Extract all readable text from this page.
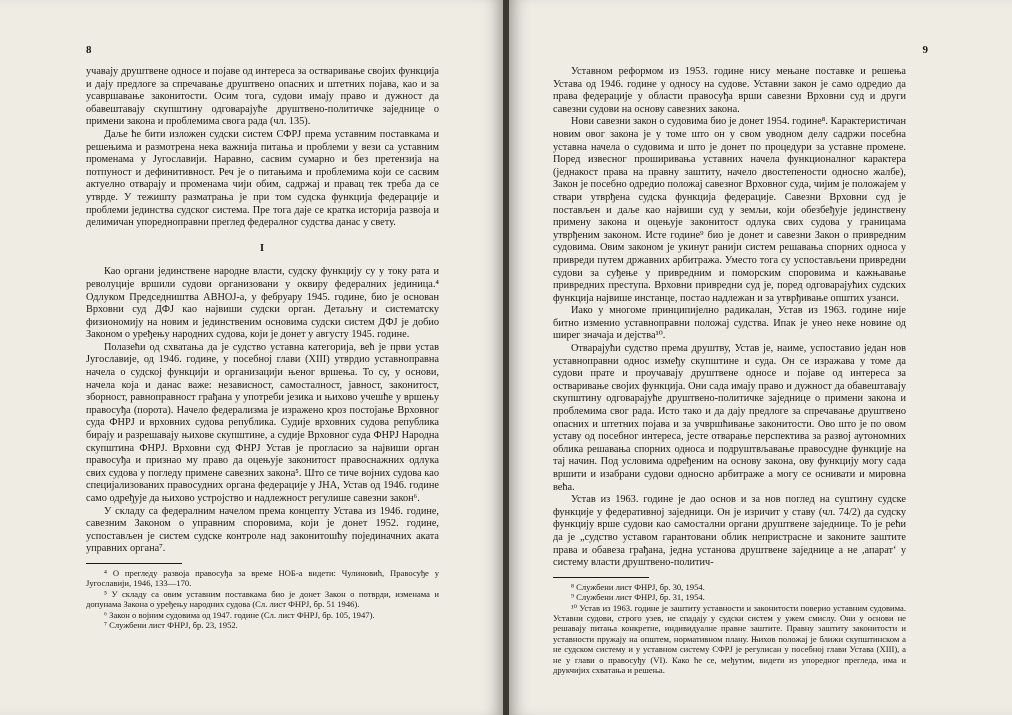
8

учавају друштвене односе и појаве од интереса за остваривање својих функција и дају предлоге за спречавање друштвено опасних и штетних појава, као и за усавршавање законитости. Осим тога, судови имају право и дужност да обавештавају скупштину одговарајуће друштвено-политичке заједнице о примени закона и проблемима свога рада (чл. 135).

Даље ће бити изложен судски систем СФРЈ према уставним поставкама и решењима и размотрена нека важнија питања и проблеми у вези са уставним променама у Југославији. Наравно, сасвим сумарно и без претензија на потпуност и дефинитивност. Реч је о питањима и проблемима који се сасвим актуелно отварају и променама чији обим, садржај и правац тек треба да се утврде. У тежишту разматрања је при том судска функција федерације и проблеми јединства судског система. Пре тога даје се кратка историја развоја и делимичан упоредноправни преглед федералног судства данас у свету.

I

Као органи јединствене народне власти, судску функцију су у току рата и револуције вршили судови организовани у оквиру федералних јединица.⁴ Одлуком Председништва АВНОЈ-а, у фебруару 1945. године, био је основан Врховни суд ДФЈ као највиши судски орган. Детаљну и систематску физиономију на новим и јединственим основима судски систем ДФЈ је добио Законом о уређењу народних судова, који је донет у августу 1945. године.

Полазећи од схватања да је судство уставна категорија, већ је први устав Југославије, од 1946. године, у посебној глави (XIII) утврдио уставноправна начела о судској функцији и организацији њеног вршења. То су, у основи, начела која и данас важе: независност, самосталност, јавност, законитост, зборност, равноправност грађана у употреби језика и њихово учешће у вршењу правосуђа (порота). Начело федерализма је изражено кроз постојање Врховног суда ФНРЈ и врховних судова република. Судије врховних судова република бирају и разрешавају њихове скупштине, а судије Врховног суда ФНРЈ Народна скупштина ФНРЈ. Врховни суд ФНРЈ Устав је прогласио за највиши орган правосуђа и признао му право да оцењује законитост правоснажних одлука свих судова у погледу примене савезних закона⁵. Што се тиче војних судова као специјализованих правосудних органа федерације у ЈНА, Устав од 1946. године само одређује да њихово устројство и надлежност регулише савезни закон⁶.

У складу са федералним начелом према концепту Устава из 1946. године, савезним Законом о управним споровима, који је донет 1952. године, успостављен је систем судске контроле над законитошћу појединачних аката управних органа⁷.

⁴ О прегледу развоја правосуђа за време НОБ-а видети: Чулиновић, Правосуђе у Југославији, 1946, 133—170.

⁵ У складу са овим уставним поставкама био је донет Закон о потврди, изменама и допунама Закона о уређењу народних судова (Сл. лист ФНРЈ, бр. 51 1946).

⁶ Закон о војним судовима од 1947. године (Сл. лист ФНРЈ, бр. 105, 1947).

⁷ Службени лист ФНРЈ, бр. 23, 1952.

9

Уставном реформом из 1953. године нису мењане поставке и решења Устава од 1946. године у односу на судове. Уставни закон је само одредио да права федерације у области правосуђа врши савезни Врховни суд и други савезни судови на основу савезних закона.

Нови савезни закон о судовима био је донет 1954. године⁸. Карактеристичан новим овог закона је у томе што он у свом уводном делу садржи посебна уставна начела о судовима и што је донет по процедури за уставне промене. Поред извесног проширивања уставних начела функционалног карактера (једнакост права на правну заштиту, начело двостепености односно жалбе), Закон је посебно одредио положај савезног Врховног суда, чијим је положајем у ствари утврђена судска функција федерације. Савезни Врховни суд је постављен и даље као највиши суд у земљи, који обезбеђује јединствену примену закона и оцењује законитост одлука свих судова у границама утврђеним законом. Исте године⁹ био је донет и савезни Закон о привредним судовима. Овим законом је укинут ранији систем решавања спорних односа у привреди путем државних арбитража. Уместо тога су успостављени привредни судови за суђење у привредним и поморским споровима и кажњавање привредних преступа. Врховни привредни суд је, поред одговарајућих судских функција највише инстанце, постао надлежан и за утврђивање општих узанси.

Иако у многоме принципијелно радикалан, Устав из 1963. године није битно изменио уставноправни положај судства. Ипак је унео неке новине од ширег значаја и дејства¹⁰.

Отварајући судство према друштву, Устав је, наиме, успоставио један нов уставноправни однос између скупштине и суда. Он се изражава у томе да судови прате и проучавају друштвене односе и појаве од интереса за остваривање својих функција. Они сада имају право и дужност да обавештавају скупштину одговарајуће друштвено-политичке заједнице о примени закона и проблемима свог рада. Исто тако и да дају предлоге за спречавање друштвено опасних и штетних појава и за учвршћивање законитости. Ово што је по овом уставу од посебног интереса, јесте отварање перспектива за развој аутономних облика решавања спорних односа и подруштвљавање правосудне функције на тај начин. Под условима одређеним на основу закона, ову функцију могу сада вршити и изабрани судови односно арбитраже а могу се оснивати и мировна већа.

Устав из 1963. године је дао основ и за нов поглед на суштину судске функције у федеративној заједници. Он је изричит у ставу (чл. 74/2) да судску функцију врше судови као самостални органи друштвене заједнице. То је рећи да је „судство уставом гарантовани облик непристрасне и законите заштите права и обавеза грађана, једна установа друштвене заједнице а не ,апарат‘ у систему власти друштвено-политич-

⁸ Службени лист ФНРЈ, бр. 30, 1954.

⁹ Службени лист ФНРЈ, бр. 31, 1954.

¹⁰ Устав из 1963. године је заштиту уставности и законитости поверио уставним судовима. Уставни судови, строго узев, не спадају у судски систем у ужем смислу. Они у основи не решавају питања конкретне, индивидуалне правне заштите. Правну заштиту законитости и уставности пружају на општем, нормативном плану. Њихов положај је ближи скупштинском а не судском систему и у уставном систему СФРЈ је регулисан у посебној глави Устава (XIII), а не у глави о правосуђу (VI). Како ће се, међутим, видети из упоредног прегледа, има и друкчијих схватања и решења.
